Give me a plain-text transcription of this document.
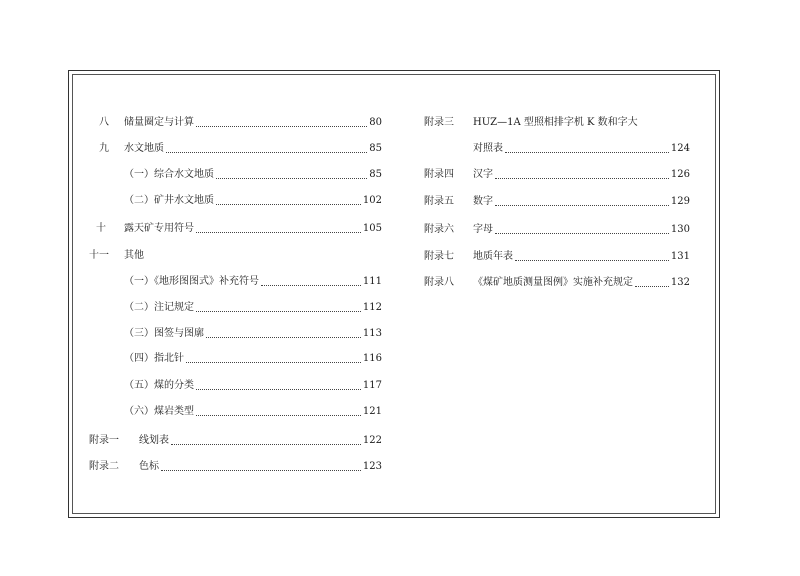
八	储量圈定与计算	80
九	水文地质	85
（一）综合水文地质	85
（二）矿井水文地质	102
十	露天矿专用符号	105
十一	其他
（一）《地形图图式》补充符号	111
（二）注记规定	112
（三）图签与图廓	113
（四）指北针	116
（五）煤的分类	117
（六）煤岩类型	121
附录一	线划表	122
附录二	色标	123
附录三	HUZ—1A 型照相排字机 K 数和字大
对照表	124
附录四	汉字	126
附录五	数字	129
附录六	字母	130
附录七	地质年表	131
附录八	《煤矿地质测量图例》实施补充规定	132
